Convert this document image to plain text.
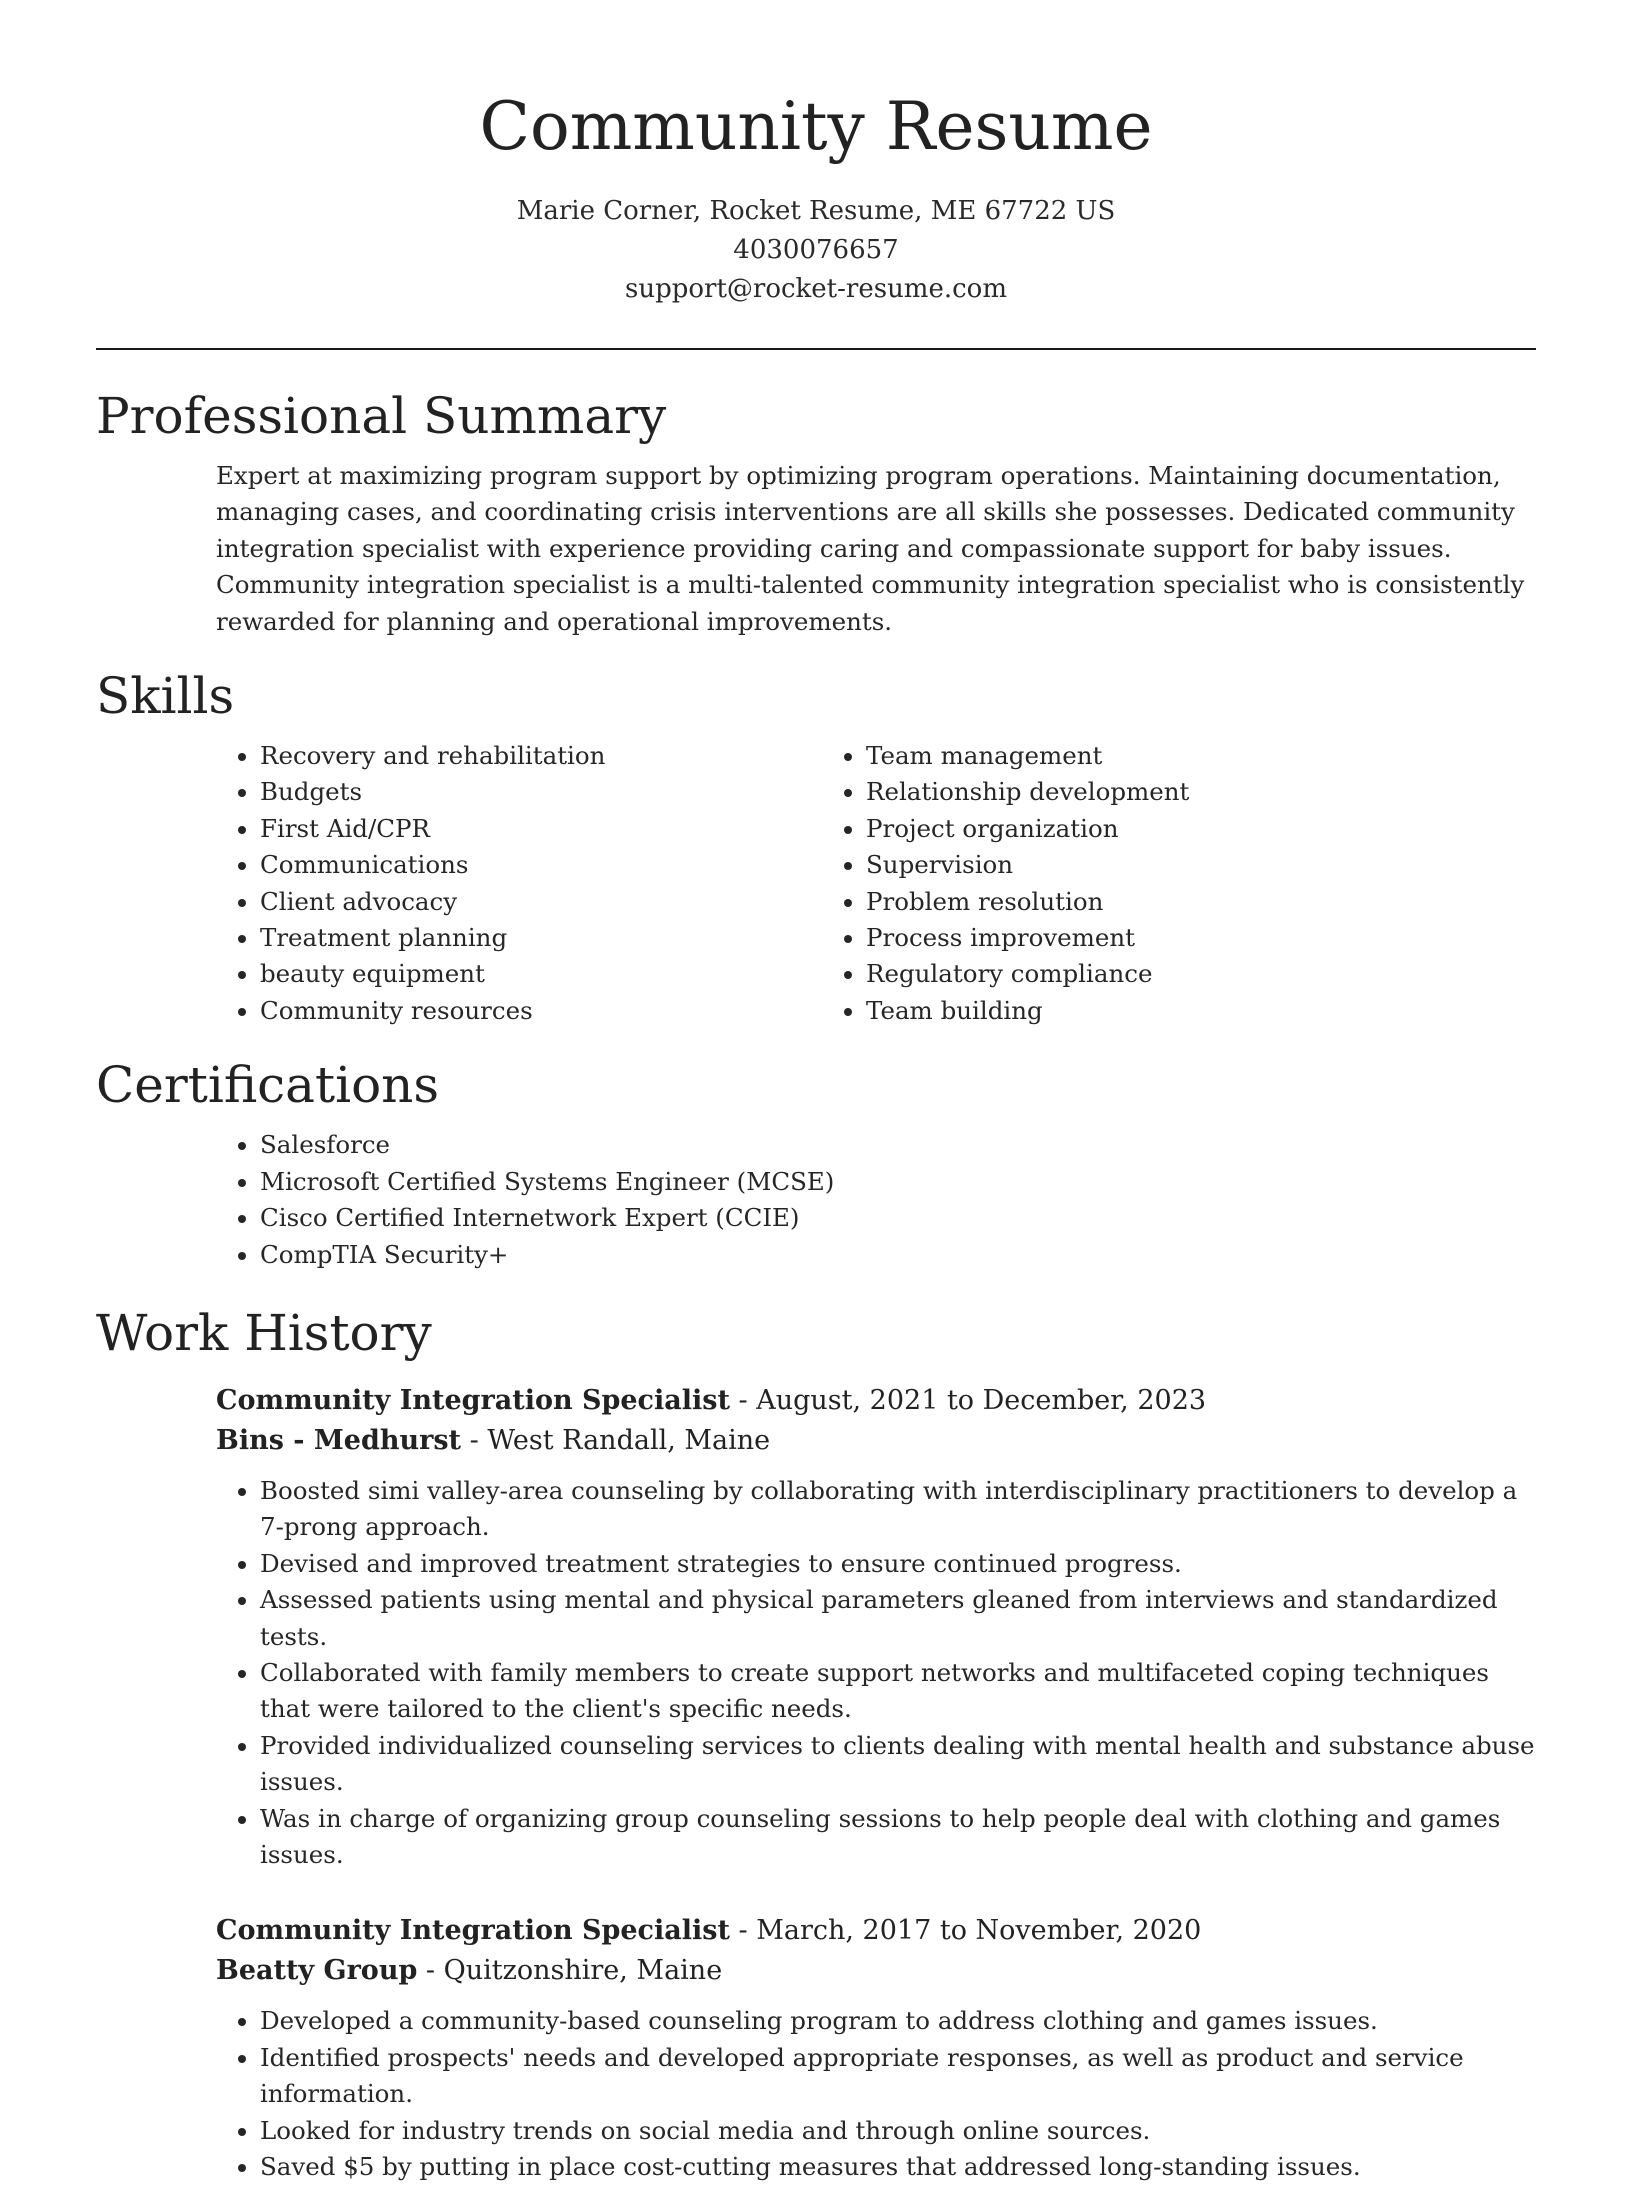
Community Resume
Marie Corner, Rocket Resume, ME 67722 US
4030076657
support@rocket-resume.com
Professional Summary

Expert at maximizing program support by optimizing program operations. Maintaining documentation, managing cases, and coordinating crisis interventions are all skills she possesses. Dedicated community integration specialist with experience providing caring and compassionate support for baby issues. Community integration specialist is a multi-talented community integration specialist who is consistently rewarded for planning and operational improvements.

Skills
• Recovery and rehabilitation
• Budgets
• First Aid/CPR
• Communications
• Client advocacy
• Treatment planning
• beauty equipment
• Community resources
• Team management
• Relationship development
• Project organization
• Supervision
• Problem resolution
• Process improvement
• Regulatory compliance
• Team building
Certifications
• Salesforce
• Microsoft Certified Systems Engineer (MCSE)
• Cisco Certified Internetwork Expert (CCIE)
• CompTIA Security+
Work History
Community Integration Specialist - August, 2021 to December, 2023
Bins - Medhurst - West Randall, Maine
• Boosted simi valley-area counseling by collaborating with interdisciplinary practitioners to develop a 7-prong approach.
• Devised and improved treatment strategies to ensure continued progress.
• Assessed patients using mental and physical parameters gleaned from interviews and standardized tests.
• Collaborated with family members to create support networks and multifaceted coping techniques that were tailored to the client's specific needs.
• Provided individualized counseling services to clients dealing with mental health and substance abuse issues.
• Was in charge of organizing group counseling sessions to help people deal with clothing and games issues.
Community Integration Specialist - March, 2017 to November, 2020
Beatty Group - Quitzonshire, Maine
• Developed a community-based counseling program to address clothing and games issues.
• Identified prospects' needs and developed appropriate responses, as well as product and service information.
• Looked for industry trends on social media and through online sources.
• Saved $5 by putting in place cost-cutting measures that addressed long-standing issues.
